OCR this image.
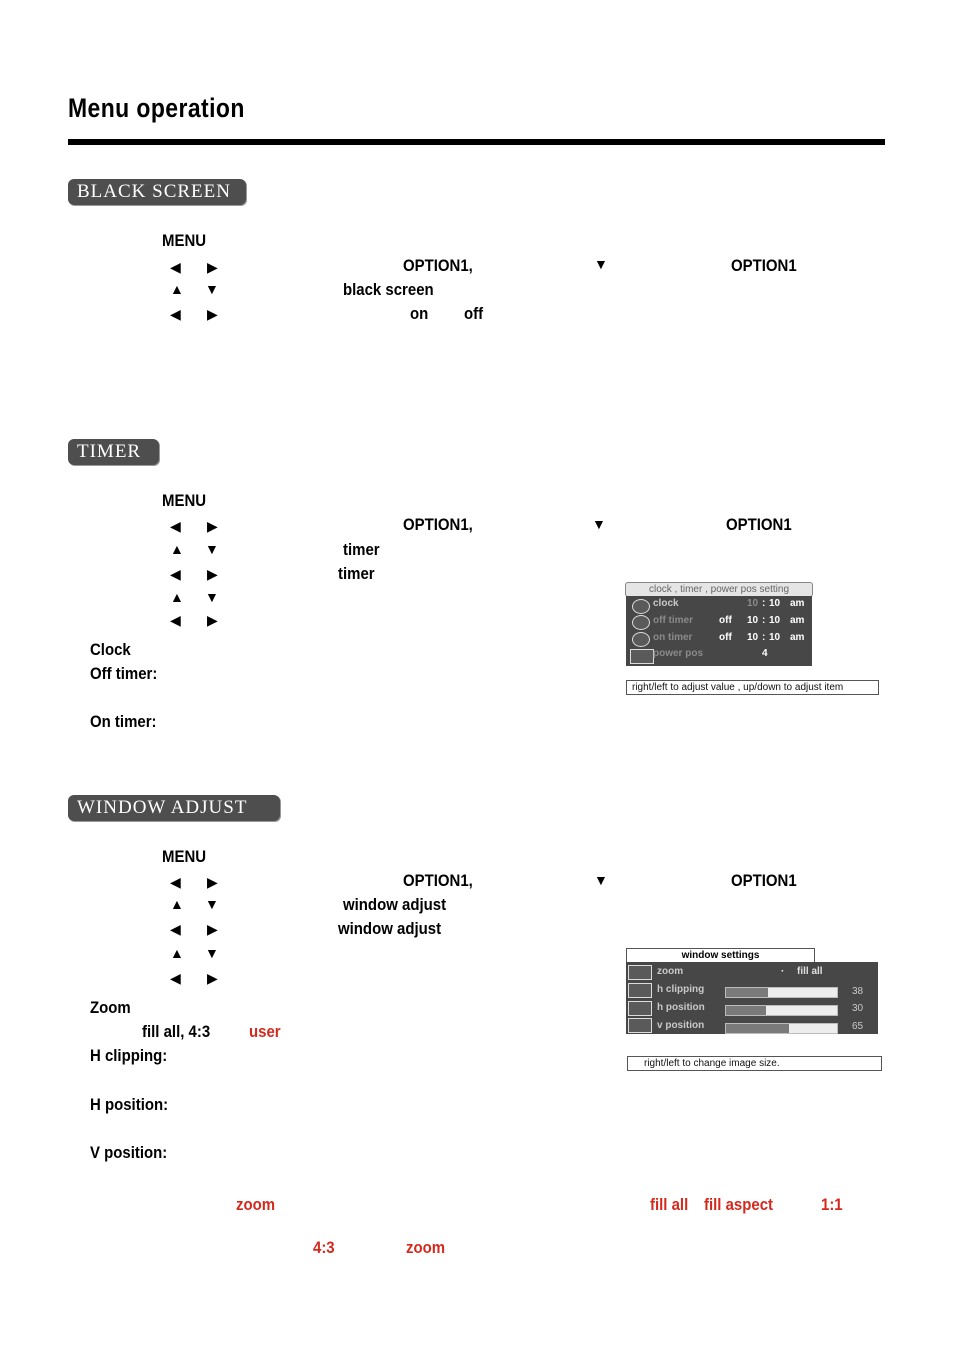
Menu operation
BLACK SCREEN
MENU
◀ ▶	OPTION1,	▼	OPTION1
▲ ▼	black screen
◀ ▶	on off
TIMER
MENU
◀ ▶	OPTION1,	▼	OPTION1
▲ ▼	timer
◀ ▶	timer
▲ ▼
◀ ▶
Clock
Off timer:
On timer:
clock , timer , power pos setting
clock	10 : 10 am
off timer	off 10 : 10 am
on timer	off 10 : 10 am
power pos	4
right/left to adjust value , up/down to adjust item
WINDOW ADJUST
MENU
◀ ▶	OPTION1,	▼	OPTION1
▲ ▼	window adjust
◀ ▶	window adjust
▲ ▼
◀ ▶
Zoom
fill all, 4:3 user
H clipping:
H position:
V position:
zoom	fill all fill aspect	1:1
4:3	zoom
window settings
zoom	· fill all
h clipping	38
h position	30
v position	65
right/left to change image size.
